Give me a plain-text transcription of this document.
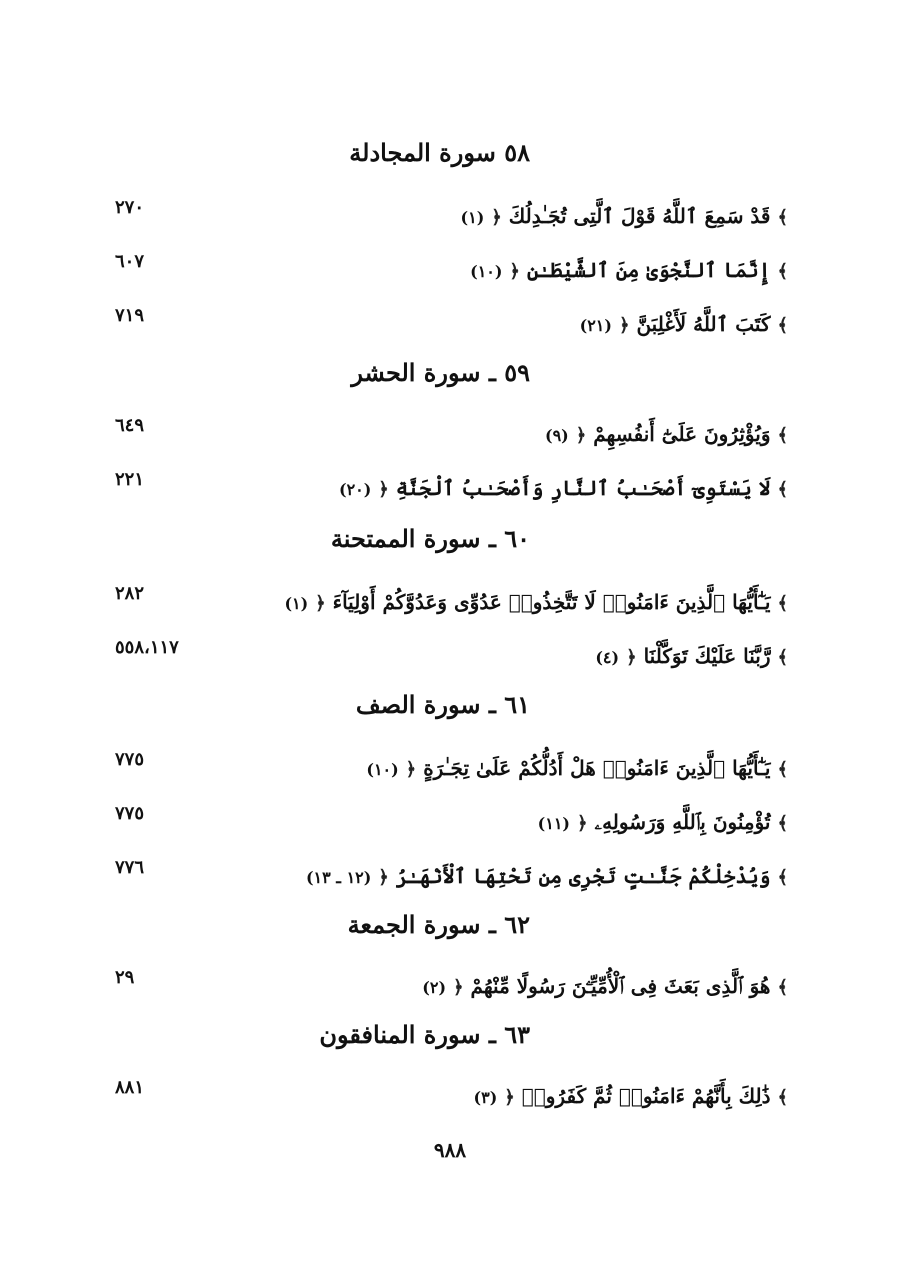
٥٨ سورة المجادلة
﴾ قَدْ سَمِعَ ٱللَّهُ قَوْلَ ٱلَّتِى تُجَـٰدِلُكَ ﴿ (١)
٢٧٠
﴾ إِنَّمَا ٱلنَّجْوَىٰ مِنَ ٱلشَّيْطَـٰنِ ﴿ (١٠)
٦٠٧
﴾ كَتَبَ ٱللَّهُ لَأَغْلِبَنَّ ﴿ (٢١)
٧١٩
٥٩ ـ سورة الحشر
﴾ وَيُؤْثِرُونَ عَلَىٰٓ أَنفُسِهِمْ ﴿ (٩)
٦٤٩
﴾ لَا يَسْتَوِىٓ أَصْحَـٰبُ ٱلنَّارِ وَأَصْحَـٰبُ ٱلْجَنَّةِ ﴿ (٢٠)
٢٢١
٦٠ ـ سورة الممتحنة
﴾ يَـٰٓأَيُّهَا ٱلَّذِينَ ءَامَنُوا۟ لَا تَتَّخِذُوا۟ عَدُوِّى وَعَدُوَّكُمْ أَوْلِيَآءَ ﴿ (١)
٢٨٢
﴾ رَّبَّنَا عَلَيْكَ تَوَكَّلْنَا ﴿ (٤)
٥٥٨،١١٧
٦١ ـ سورة الصف
﴾ يَـٰٓأَيُّهَا ٱلَّذِينَ ءَامَنُوا۟ هَلْ أَدُلُّكُمْ عَلَىٰ تِجَـٰرَةٍ ﴿ (١٠)
٧٧٥
﴾ تُؤْمِنُونَ بِٱللَّهِ وَرَسُولِهِۦ ﴿ (١١)
٧٧٥
﴾ وَيُدْخِلْكُمْ جَنَّـٰتٍ تَجْرِى مِن تَحْتِهَا ٱلْأَنْهَـٰرُ ﴿ (١٢ ـ ١٣)
٧٧٦
٦٢ ـ سورة الجمعة
﴾ هُوَ ٱلَّذِى بَعَثَ فِى ٱلْأُمِّيِّـۧنَ رَسُولًا مِّنْهُمْ ﴿ (٢)
٢٩
٦٣ ـ سورة المنافقون
﴾ ذَٰلِكَ بِأَنَّهُمْ ءَامَنُوا۟ ثُمَّ كَفَرُوا۟ ﴿ (٣)
٨٨١
٩٨٨
